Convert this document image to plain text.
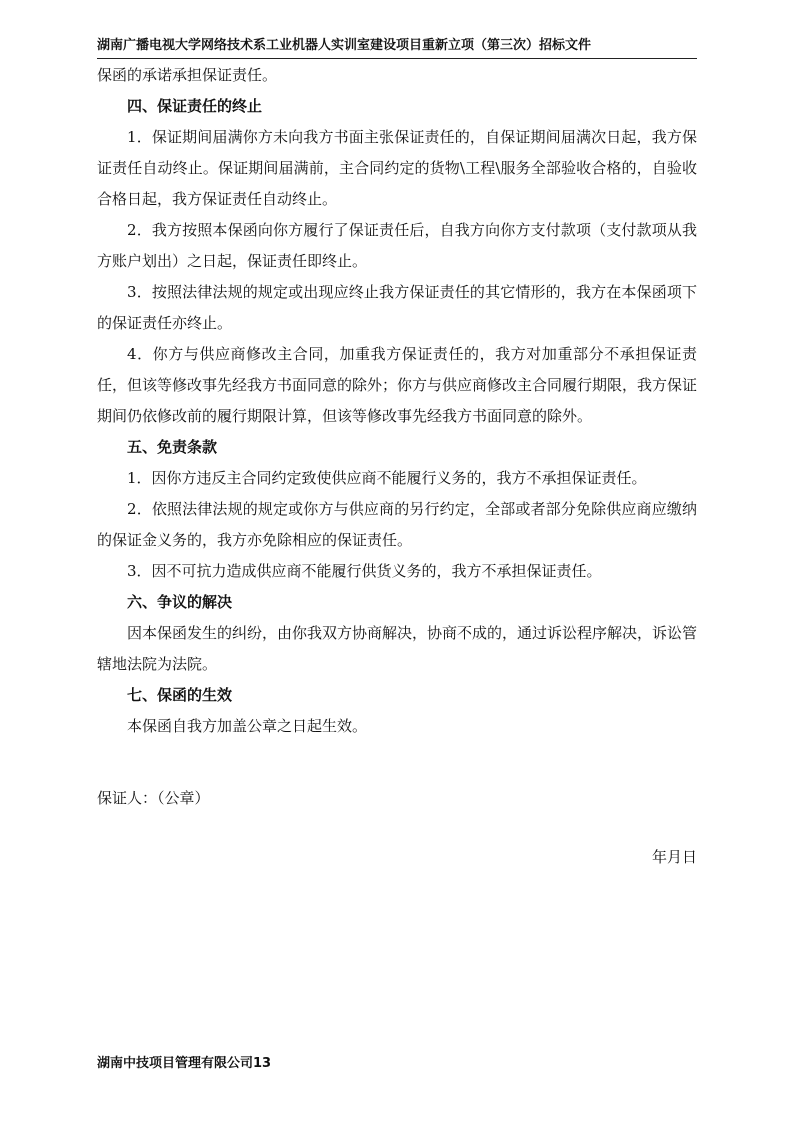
湖南广播电视大学网络技术系工业机器人实训室建设项目重新立项（第三次）招标文件

保函的承诺承担保证责任。

四、保证责任的终止

1．保证期间届满你方未向我方书面主张保证责任的，自保证期间届满次日起，我方保证责任自动终止。保证期间届满前，主合同约定的货物\工程\服务全部验收合格的，自验收合格日起，我方保证责任自动终止。

2．我方按照本保函向你方履行了保证责任后，自我方向你方支付款项（支付款项从我方账户划出）之日起，保证责任即终止。

3．按照法律法规的规定或出现应终止我方保证责任的其它情形的，我方在本保函项下的保证责任亦终止。

4．你方与供应商修改主合同，加重我方保证责任的，我方对加重部分不承担保证责任，但该等修改事先经我方书面同意的除外；你方与供应商修改主合同履行期限，我方保证期间仍依修改前的履行期限计算，但该等修改事先经我方书面同意的除外。

五、免责条款

1．因你方违反主合同约定致使供应商不能履行义务的，我方不承担保证责任。

2．依照法律法规的规定或你方与供应商的另行约定，全部或者部分免除供应商应缴纳的保证金义务的，我方亦免除相应的保证责任。

3．因不可抗力造成供应商不能履行供货义务的，我方不承担保证责任。

六、争议的解决

因本保函发生的纠纷，由你我双方协商解决，协商不成的，通过诉讼程序解决，诉讼管辖地法院为法院。

七、保函的生效

本保函自我方加盖公章之日起生效。

保证人：（公章）
年月日
湖南中技项目管理有限公司13
